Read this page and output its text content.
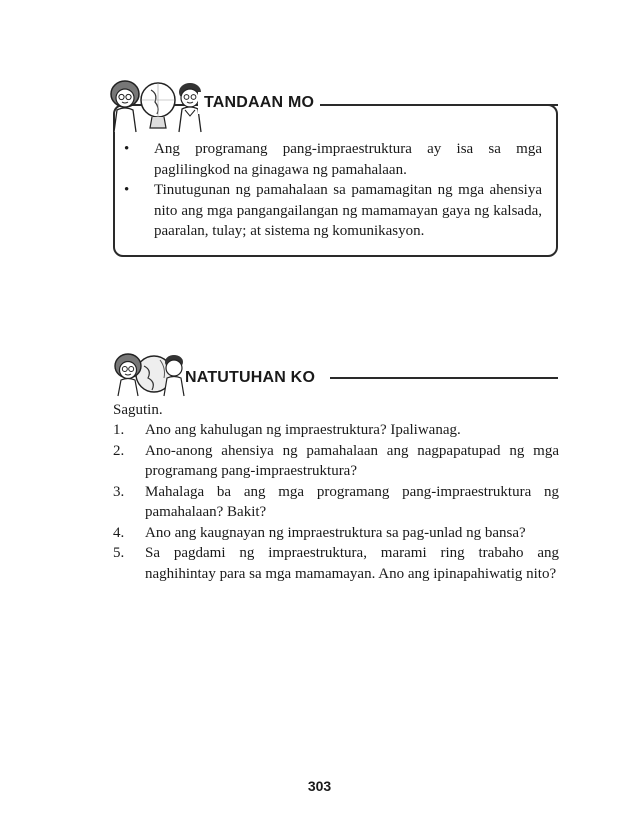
TANDAAN MO
• Ang programang pang-impraestruktura ay isa sa mga paglilingkod na ginagawa ng pamahalaan.
• Tinutugunan ng pamahalaan sa pamamagitan ng mga ahensiya nito ang mga pangangailangan ng mamamayan gaya ng kalsada, paaralan, tulay; at sistema ng komunikasyon.
NATUTUHAN KO
Sagutin.
1. Ano ang kahulugan ng impraestruktura? Ipaliwanag.
2. Ano-anong ahensiya ng pamahalaan ang nagpapatupad ng mga programang pang-impraestruktura?
3. Mahalaga ba ang mga programang pang-impraestruktura ng pamahalaan? Bakit?
4. Ano ang kaugnayan ng impraestruktura sa pag-unlad ng bansa?
5. Sa pagdami ng impraestruktura, marami ring trabaho ang naghihintay para sa mga mamamayan. Ano ang ipinapahiwatig nito?
303
